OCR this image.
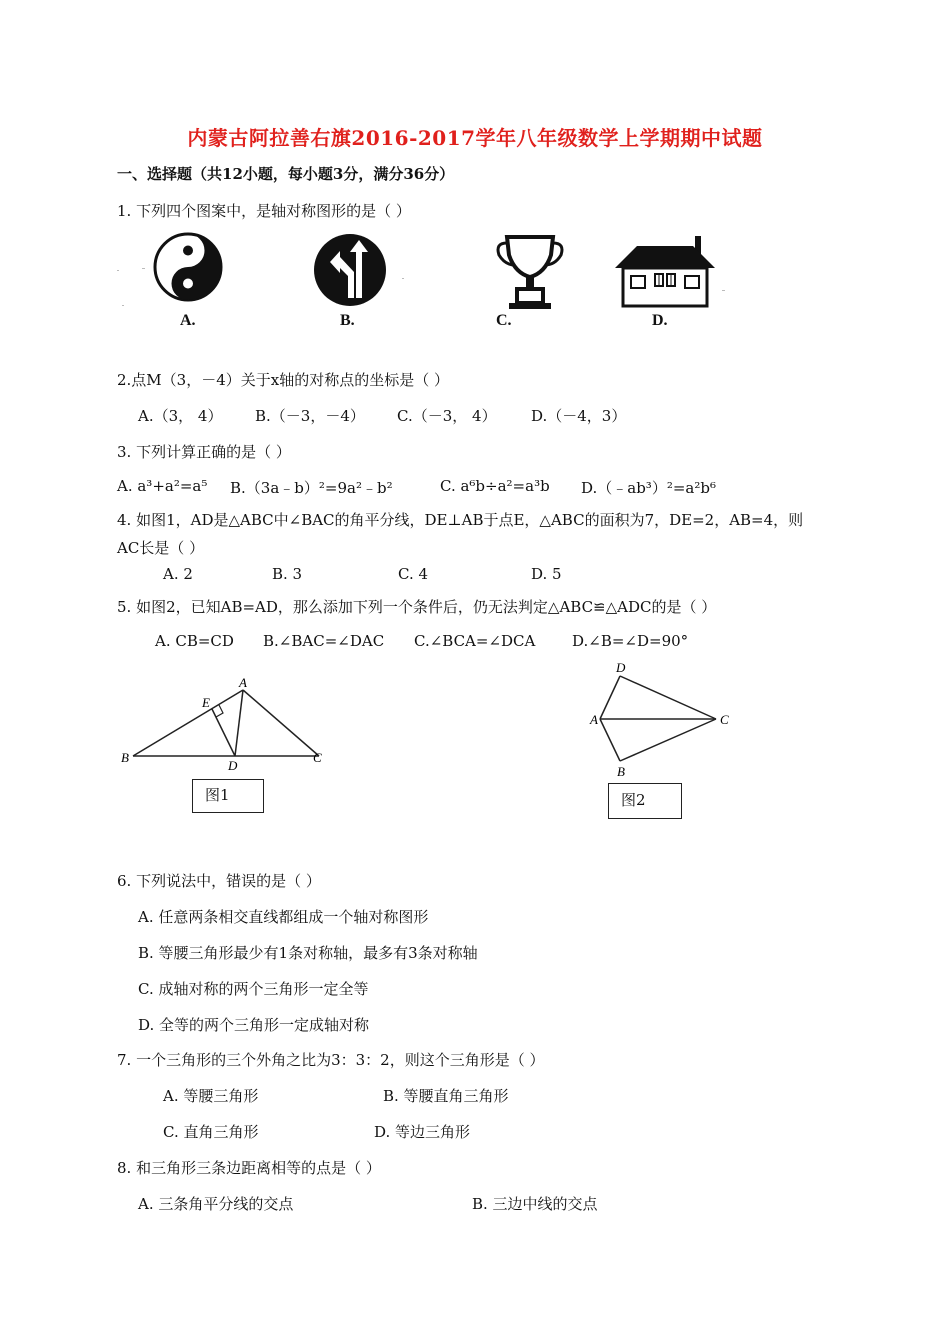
内蒙古阿拉善右旗2016-2017学年八年级数学上学期期中试题
一、选择题（共12小题，每小题3分，满分36分）
1. 下列四个图案中，是轴对称图形的是（ ）
A.	B.	C.	D.
2.点M（3，－4）关于x轴的对称点的坐标是（ ）
A.（3， 4） B.（－3，－4） C.（－3， 4） D.（－4，3）
3. 下列计算正确的是（ ）
A. a³+a²=a⁵ B.（3a﹣b）²=9a²﹣b²	C. a⁶b÷a²=a³b D.（﹣ab³）²=a²b⁶
4. 如图1，AD是△ABC中∠BAC的角平分线，DE⊥AB于点E，△ABC的面积为7，DE=2，AB=4，则
AC长是（ ）
A. 2	B. 3	C. 4	D. 5
5. 如图2，已知AB=AD，那么添加下列一个条件后，仍无法判定△ABC≌△ADC的是（ ）
A. CB=CD B.∠BAC=∠DAC C.∠BCA=∠DCA D.∠B=∠D=90°
A
B	C
D
E
图1
A
B
C
D
图2
6. 下列说法中，错误的是（ ）
A. 任意两条相交直线都组成一个轴对称图形
B. 等腰三角形最少有1条对称轴，最多有3条对称轴
C. 成轴对称的两个三角形一定全等
D. 全等的两个三角形一定成轴对称
7. 一个三角形的三个外角之比为3：3：2，则这个三角形是（ ）
A. 等腰三角形	B. 等腰直角三角形
C. 直角三角形	D. 等边三角形
8. 和三角形三条边距离相等的点是（ ）
A. 三条角平分线的交点	B. 三边中线的交点
